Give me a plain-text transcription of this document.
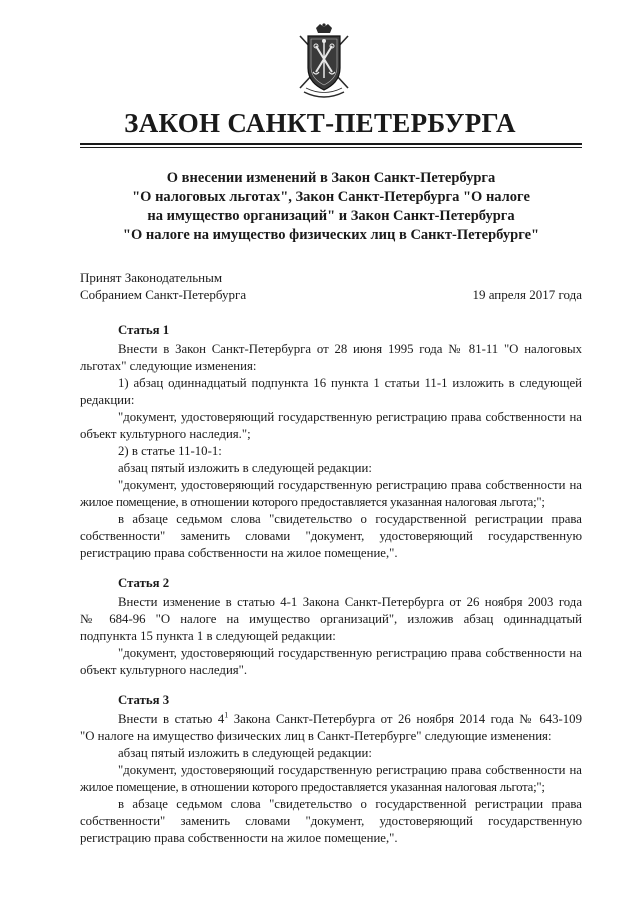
ЗАКОН САНКТ-ПЕТЕРБУРГА
О внесении изменений в Закон Санкт-Петербурга
"О налоговых льготах", Закон Санкт-Петербурга "О налоге
на имущество организаций" и Закон Санкт-Петербурга
"О налоге на имущество физических лиц в Санкт-Петербурге"
Принят Законодательным
Собранием Санкт-Петербурга	19 апреля 2017 года
Статья 1
Внести в Закон Санкт-Петербурга от 28 июня 1995 года № 81-11 "О налоговых
льготах" следующие изменения:
1) абзац одиннадцатый подпункта 16 пункта 1 статьи 11-1 изложить в следующей
редакции:
"документ, удостоверяющий государственную регистрацию права собственности на
объект культурного наследия.";
2) в статье 11-10-1:
абзац пятый изложить в следующей редакции:
"документ, удостоверяющий государственную регистрацию права собственности на
жилое помещение, в отношении которого предоставляется указанная налоговая льгота;";
в абзаце седьмом слова "свидетельство о государственной регистрации права
собственности" заменить словами "документ, удостоверяющий государственную
регистрацию права собственности на жилое помещение,".
Статья 2
Внести изменение в статью 4-1 Закона Санкт-Петербурга от 26 ноября 2003 года
№ 684-96 "О налоге на имущество организаций", изложив абзац одиннадцатый
подпункта 15 пункта 1 в следующей редакции:
"документ, удостоверяющий государственную регистрацию права собственности на
объект культурного наследия".
Статья 3
Внести в статью $4^1$ Закона Санкт-Петербурга от 26 ноября 2014 года № 643-109
"О налоге на имущество физических лиц в Санкт-Петербурге" следующие изменения:
абзац пятый изложить в следующей редакции:
"документ, удостоверяющий государственную регистрацию права собственности на
жилое помещение, в отношении которого предоставляется указанная налоговая льгота;";
в абзаце седьмом слова "свидетельство о государственной регистрации права
собственности" заменить словами "документ, удостоверяющий государственную
регистрацию права собственности на жилое помещение,".
